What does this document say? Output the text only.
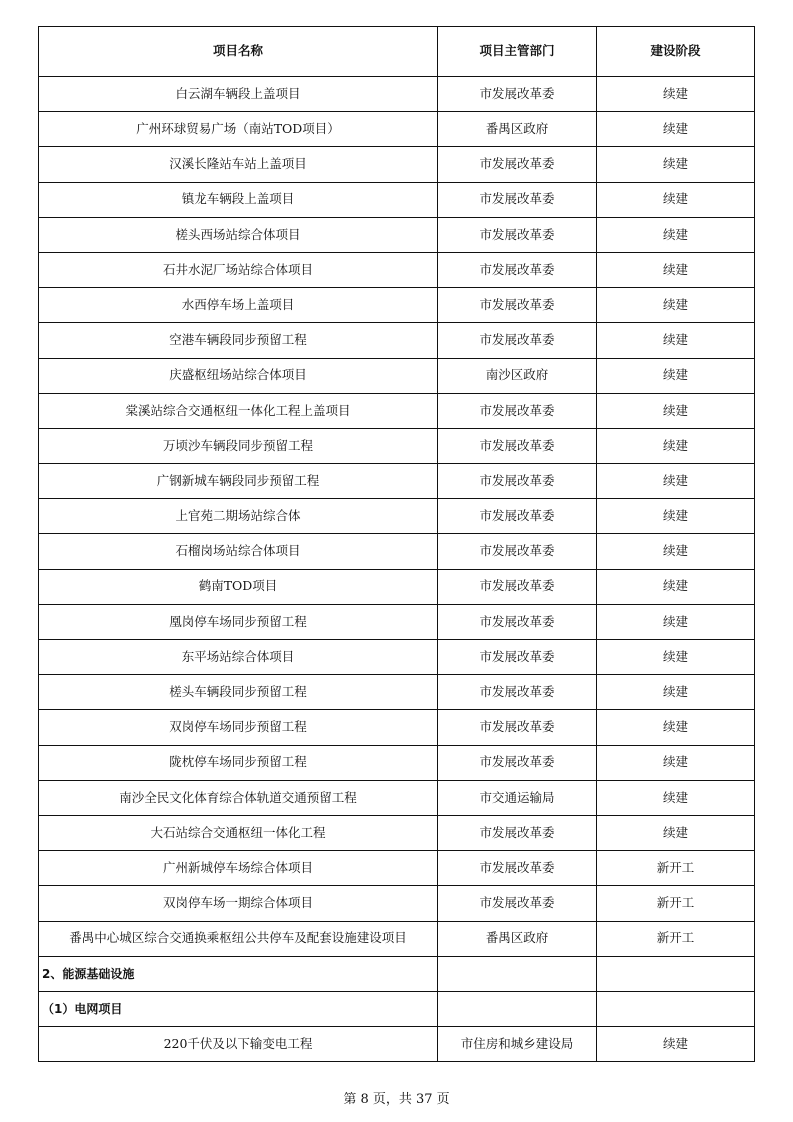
项目名称	项目主管部门	建设阶段
白云湖车辆段上盖项目	市发展改革委	续建
广州环球贸易广场（南站TOD项目）	番禺区政府	续建
汉溪长隆站车站上盖项目	市发展改革委	续建
镇龙车辆段上盖项目	市发展改革委	续建
槎头西场站综合体项目	市发展改革委	续建
石井水泥厂场站综合体项目	市发展改革委	续建
水西停车场上盖项目	市发展改革委	续建
空港车辆段同步预留工程	市发展改革委	续建
庆盛枢纽场站综合体项目	南沙区政府	续建
棠溪站综合交通枢纽一体化工程上盖项目	市发展改革委	续建
万顷沙车辆段同步预留工程	市发展改革委	续建
广钢新城车辆段同步预留工程	市发展改革委	续建
上官苑二期场站综合体	市发展改革委	续建
石榴岗场站综合体项目	市发展改革委	续建
鹤南TOD项目	市发展改革委	续建
凰岗停车场同步预留工程	市发展改革委	续建
东平场站综合体项目	市发展改革委	续建
槎头车辆段同步预留工程	市发展改革委	续建
双岗停车场同步预留工程	市发展改革委	续建
陇枕停车场同步预留工程	市发展改革委	续建
南沙全民文化体育综合体轨道交通预留工程	市交通运输局	续建
大石站综合交通枢纽一体化工程	市发展改革委	续建
广州新城停车场综合体项目	市发展改革委	新开工
双岗停车场一期综合体项目	市发展改革委	新开工
番禺中心城区综合交通换乘枢纽公共停车及配套设施建设项目	番禺区政府	新开工
2、能源基础设施		
（1）电网项目		
220千伏及以下输变电工程	市住房和城乡建设局	续建
第 8 页，共 37 页
